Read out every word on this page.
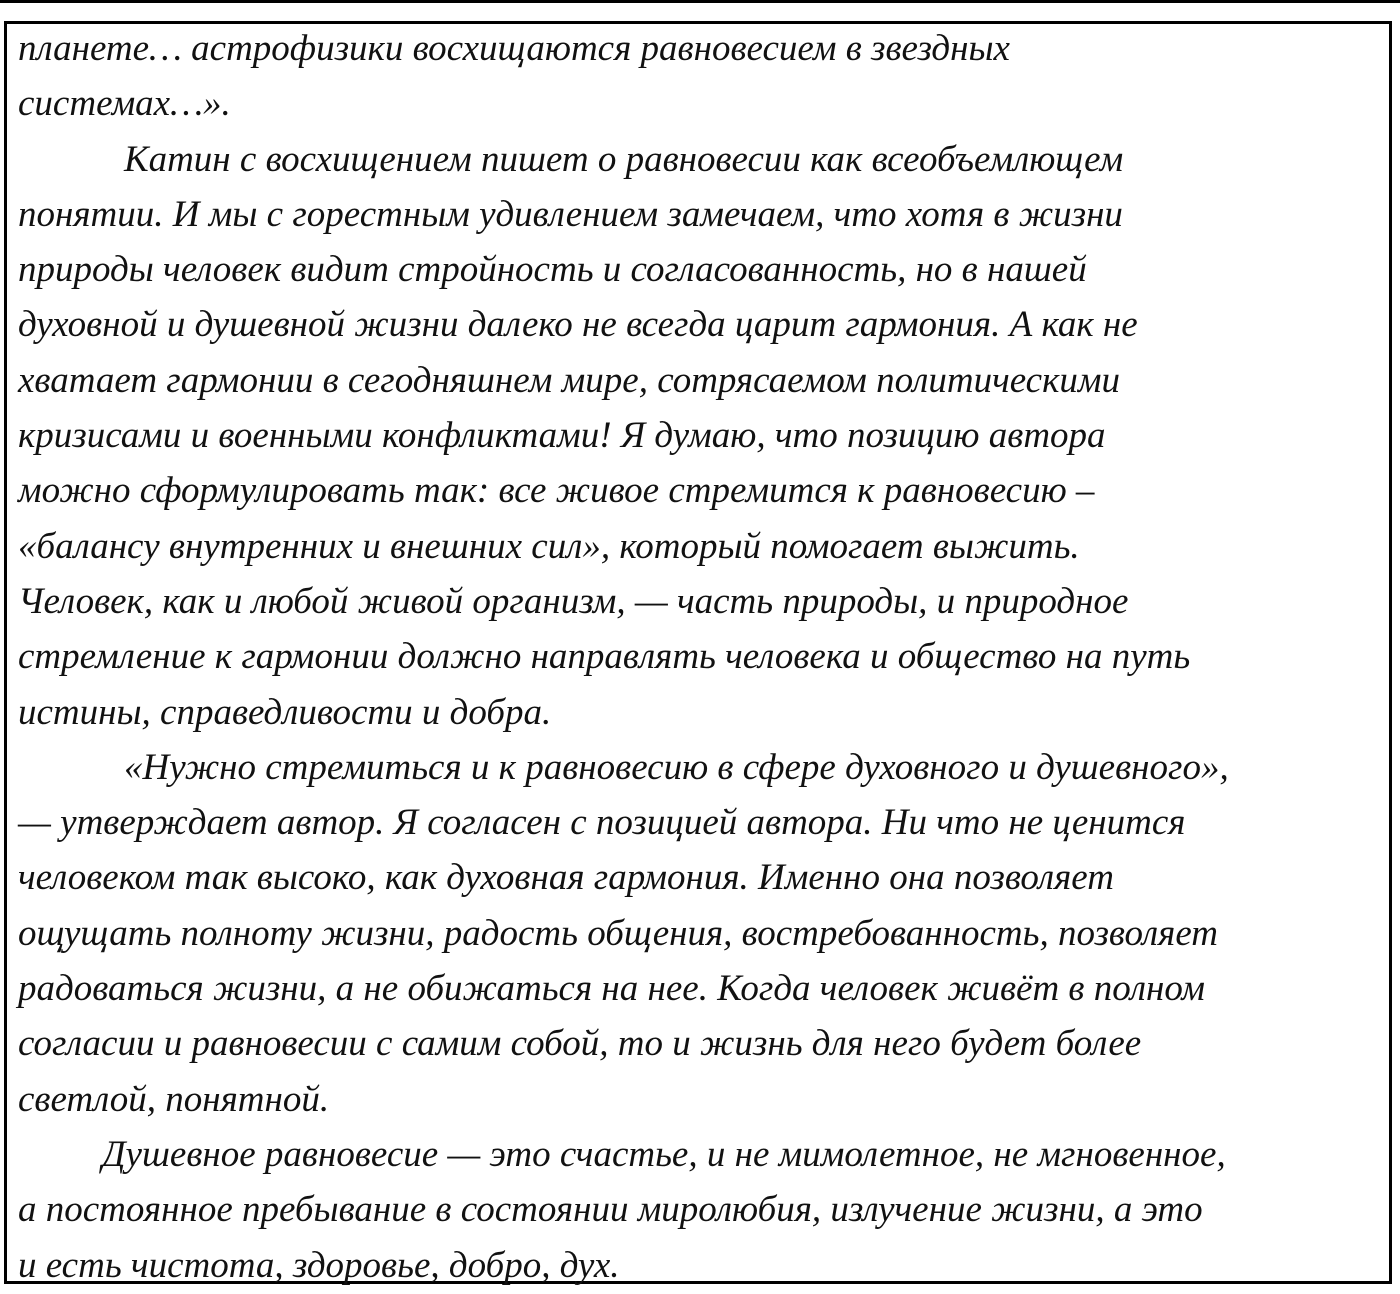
планете… астрофизики восхищаются равновесием в звездных
системах…».
Катин с восхищением пишет о равновесии как всеобъемлющем
понятии. И мы с горестным удивлением замечаем, что хотя в жизни
природы человек видит стройность и согласованность, но в нашей
духовной и душевной жизни далеко не всегда царит гармония. А как не
хватает гармонии в сегодняшнем мире, сотрясаемом политическими
кризисами и военными конфликтами! Я думаю, что позицию автора
можно сформулировать так: все живое стремится к равновесию –
«балансу внутренних и внешних сил», который помогает выжить.
Человек, как и любой живой организм, — часть природы, и природное
стремление к гармонии должно направлять человека и общество на путь
истины, справедливости и добра.
«Нужно стремиться и к равновесию в сфере духовного и душевного»,
— утверждает автор. Я согласен с позицией автора. Ни что не ценится
человеком так высоко, как духовная гармония. Именно она позволяет
ощущать полноту жизни, радость общения, востребованность, позволяет
радоваться жизни, а не обижаться на нее. Когда человек живёт в полном
согласии и равновесии с самим собой, то и жизнь для него будет более
светлой, понятной.
Душевное равновесие — это счастье, и не мимолетное, не мгновенное,
а постоянное пребывание в состоянии миролюбия, излучение жизни, а это
и есть чистота, здоровье, добро, дух.
